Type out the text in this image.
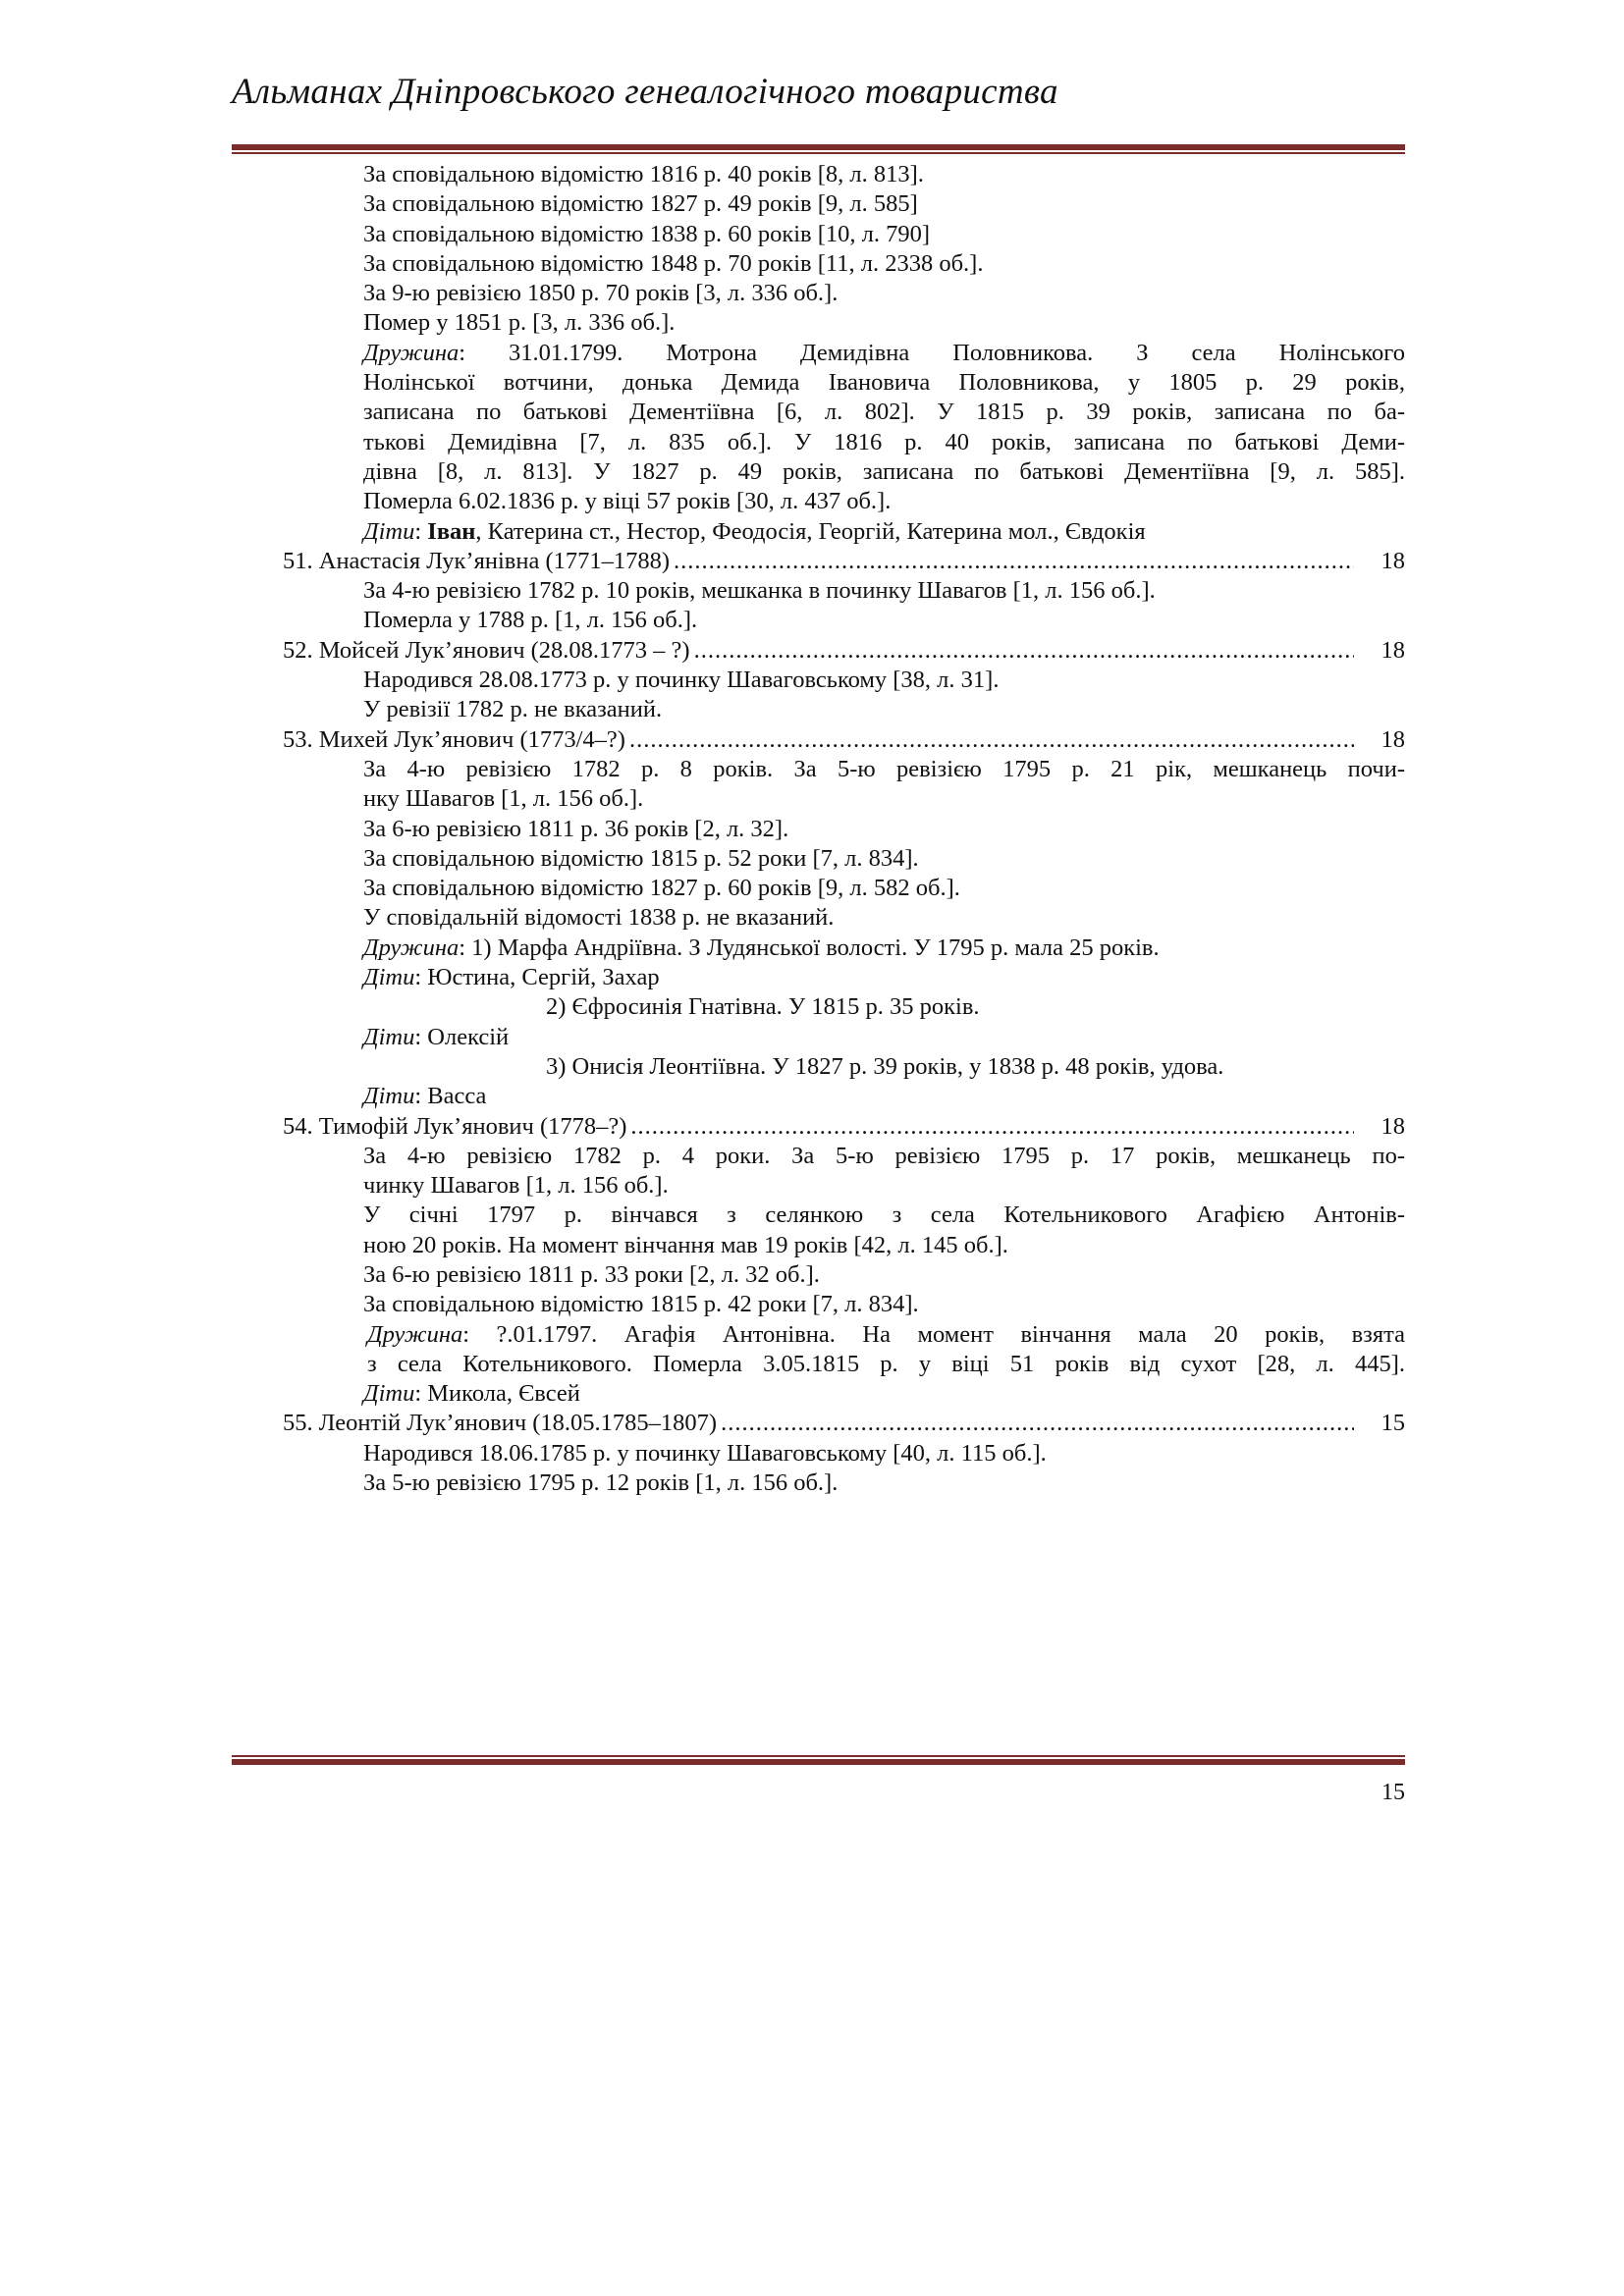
Альманах Дніпровського генеалогічного товариства
За сповідальною відомістю 1816 р. 40 років [8, л. 813].
За сповідальною відомістю 1827 р. 49 років [9, л. 585]
За сповідальною відомістю 1838 р. 60 років [10, л. 790]
За сповідальною відомістю 1848 р. 70 років [11, л. 2338 об.].
За 9-ю ревізією 1850 р. 70 років [3, л. 336 об.].
Помер у 1851 р. [3, л. 336 об.].
Дружина: 31.01.1799. Мотрона Демидівна Половникова. З села Нолінського
Нолінської вотчини, донька Демида Івановича Половникова, у 1805 р. 29 років,
записана по батькові Дементіївна [6, л. 802]. У 1815 р. 39 років, записана по ба-
тькові Демидівна [7, л. 835 об.]. У 1816 р. 40 років, записана по батькові Деми-
дівна [8, л. 813]. У 1827 р. 49 років, записана по батькові Дементіївна [9, л. 585].
Померла 6.02.1836 р. у віці 57 років [30, л. 437 об.].
Діти: Іван, Катерина ст., Нестор, Феодосія, Георгій, Катерина мол., Євдокія
51. Анастасія Лук’янівна (1771–1788) .....	18
За 4-ю ревізією 1782 р. 10 років, мешканка в починку Шавагов [1, л. 156 об.].
Померла у 1788 р. [1, л. 156 об.].
52. Мойсей Лук’янович (28.08.1773 – ?) .....	18
Народився 28.08.1773 р. у починку Шаваговському [38, л. 31].
У ревізії 1782 р. не вказаний.
53. Михей Лук’янович (1773/4–?) .....	18
За 4-ю ревізією 1782 р. 8 років. За 5-ю ревізією 1795 р. 21 рік, мешканець почи-
нку Шавагов [1, л. 156 об.].
За 6-ю ревізією 1811 р. 36 років [2, л. 32].
За сповідальною відомістю 1815 р. 52 роки [7, л. 834].
За сповідальною відомістю 1827 р. 60 років [9, л. 582 об.].
У сповідальній відомості 1838 р. не вказаний.
Дружина: 1) Марфа Андріївна. З Лудянської волості. У 1795 р. мала 25 років.
Діти: Юстина, Сергій, Захар
2) Єфросинія Гнатівна. У 1815 р. 35 років.
Діти: Олексій
3) Онисія Леонтіївна. У 1827 р. 39 років, у 1838 р. 48 років, удова.
Діти: Васса
54. Тимофій Лук’янович (1778–?) .....	18
За 4-ю ревізією 1782 р. 4 роки. За 5-ю ревізією 1795 р. 17 років, мешканець по-
чинку Шавагов [1, л. 156 об.].
У січні 1797 р. вінчався з селянкою з села Котельникового Агафією Антонів-
ною 20 років. На момент вінчання мав 19 років [42, л. 145 об.].
За 6-ю ревізією 1811 р. 33 роки [2, л. 32 об.].
За сповідальною відомістю 1815 р. 42 роки [7, л. 834].
Дружина: ?.01.1797. Агафія Антонівна. На момент вінчання мала 20 років, взята
з села Котельникового. Померла 3.05.1815 р. у віці 51 років від сухот [28, л. 445].
Діти: Микола, Євсей
55. Леонтій Лук’янович (18.05.1785–1807) .....	15
Народився 18.06.1785 р. у починку Шаваговському [40, л. 115 об.].
За 5-ю ревізією 1795 р. 12 років [1, л. 156 об.].
15
